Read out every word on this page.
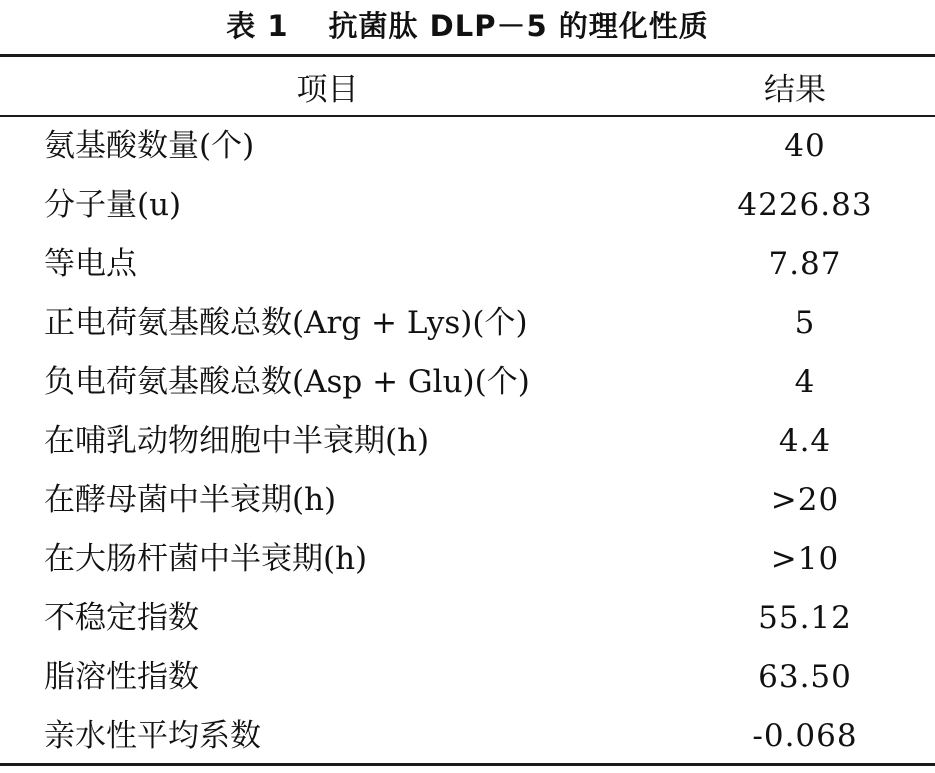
表 1 抗菌肽 DLP－5 的理化性质
项目	结果
氨基酸数量(个)	40
分子量(u)	4226.83
等电点	7.87
正电荷氨基酸总数(Arg + Lys)(个)	5
负电荷氨基酸总数(Asp + Glu)(个)	4
在哺乳动物细胞中半衰期(h)	4.4
在酵母菌中半衰期(h)	>20
在大肠杆菌中半衰期(h)	>10
不稳定指数	55.12
脂溶性指数	63.50
亲水性平均系数	-0.068
